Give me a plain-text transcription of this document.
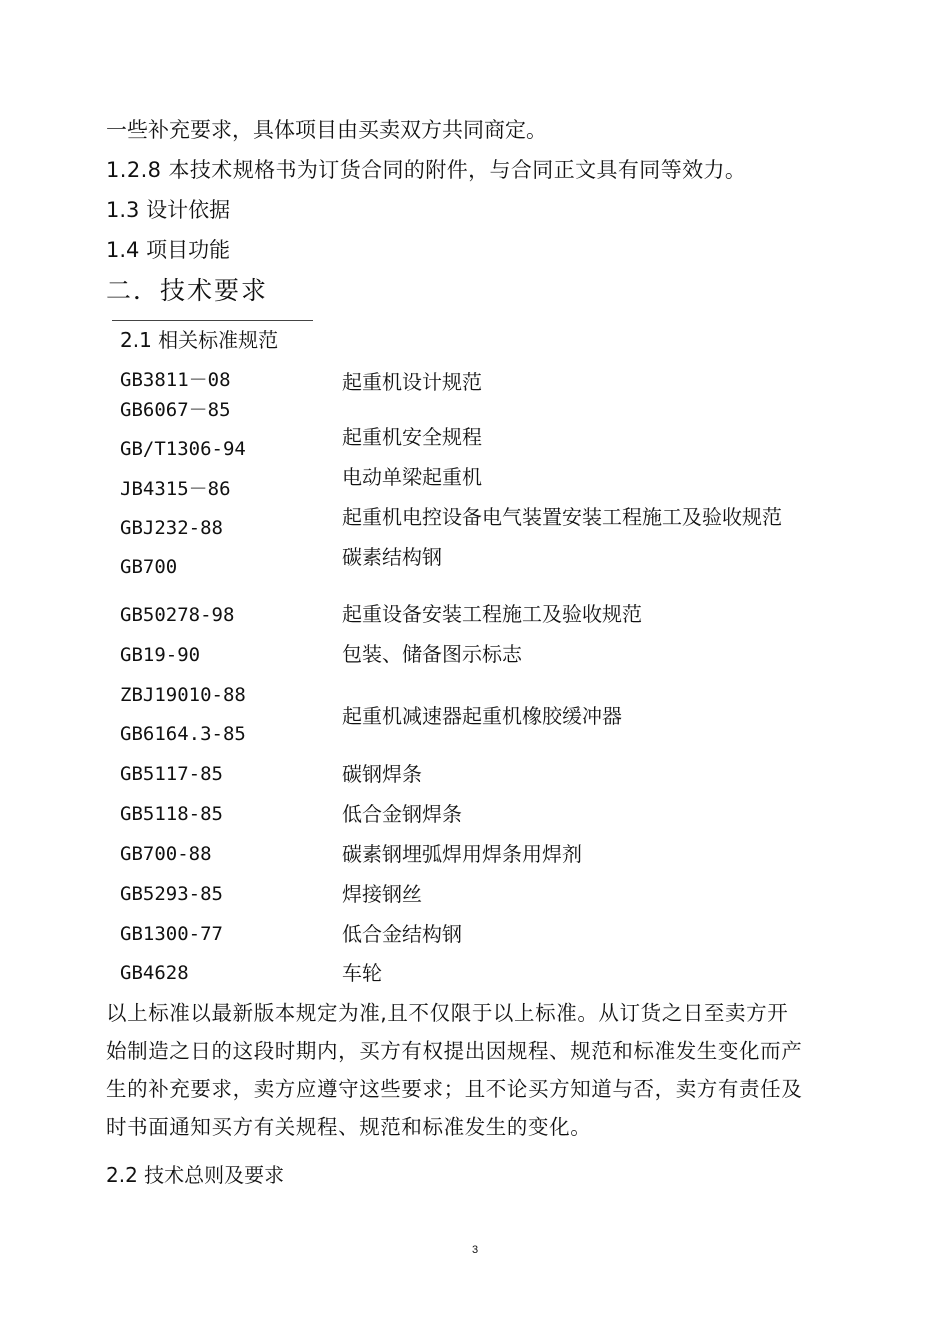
一些补充要求，具体项目由买卖双方共同商定。
1.2.8 本技术规格书为订货合同的附件，与合同正文具有同等效力。
1.3 设计依据
1.4 项目功能
二．技术要求
2.1 相关标准规范
GB3811－08
GB6067－85
GB/T1306-94
JB4315－86
GBJ232-88
GB700
GB50278-98
GB19-90
ZBJ19010-88
GB6164.3-85
GB5117-85
GB5118-85
GB700-88
GB5293-85
GB1300-77
GB4628
起重机设计规范
起重机安全规程
电动单梁起重机
起重机电控设备电气装置安装工程施工及验收规范
碳素结构钢
起重设备安装工程施工及验收规范
包装、储备图示标志
起重机减速器起重机橡胶缓冲器
碳钢焊条
低合金钢焊条
碳素钢埋弧焊用焊条用焊剂
焊接钢丝
低合金结构钢
车轮
以上标准以最新版本规定为准,且不仅限于以上标准。从订货之日至卖方开
始制造之日的这段时期内，买方有权提出因规程、规范和标准发生变化而产
生的补充要求，卖方应遵守这些要求；且不论买方知道与否，卖方有责任及
时书面通知买方有关规程、规范和标准发生的变化。
2.2 技术总则及要求
3
